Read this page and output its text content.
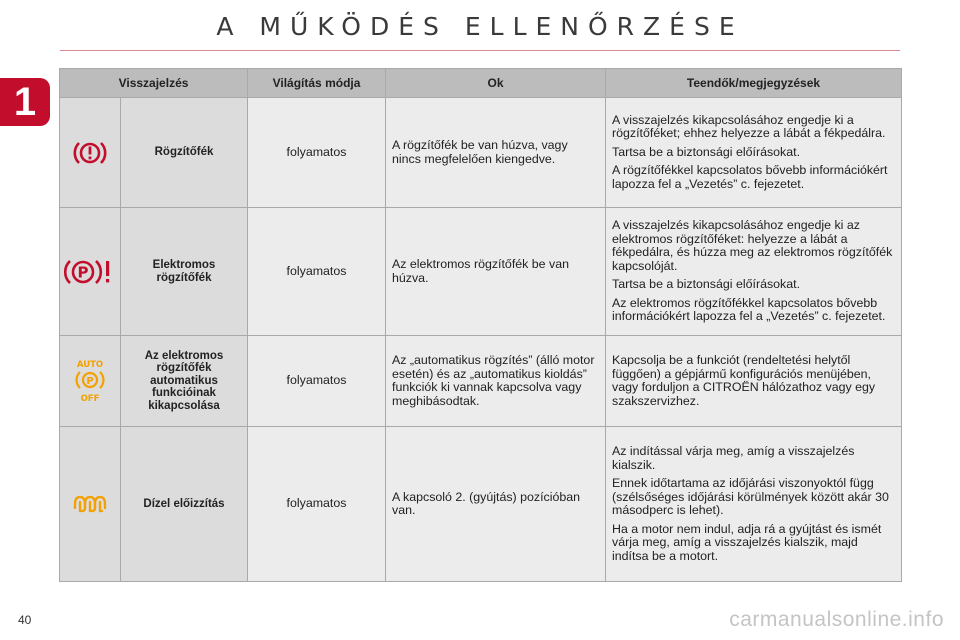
A MŰKÖDÉS ELLENŐRZÉSE
1	Visszajelzés		Világítás módja	Ok	Teendők/megjegyzések
	Rögzítőfék	folyamatos	A rögzítőfék be van húzva, vagy nincs megfelelően kiengedve.	A visszajelzés kikapcsolásához engedje ki a rögzítőféket; ehhez helyezze a lábát a fékpedálra.

Tartsa be a biztonsági előírásokat.

A rögzítőfékkel kapcsolatos bővebb információkért lapozza fel a „Vezetés” c. fejezetet.

P	Elektromos rögzítőfék	folyamatos	Az elektromos rögzítőfék be van húzva.	A visszajelzés kikapcsolásához engedje ki az elektromos rögzítőféket: helyezze a lábát a fékpedálra, és húzza meg az elektromos rögzítőfék kapcsolóját.

Tartsa be a biztonsági előírásokat.

Az elektromos rögzítőfékkel kapcsolatos bővebb információkért lapozza fel a „Vezetés” c. fejezetet.

AUTO
P
OFF	Az elektromos rögzítőfék automatikus funkcióinak kikapcsolása	folyamatos	Az „automatikus rögzítés” (álló motor esetén) és az „automatikus kioldás” funkciók ki vannak kapcsolva vagy meghibásodtak.	Kapcsolja be a funkciót (rendeltetési helytől függően) a gépjármű konfigurációs menüjében, vagy forduljon a CITROËN hálózathoz vagy egy szakszervizhez.

	Dízel előizzítás	folyamatos	A kapcsoló 2. (gyújtás) pozícióban van.	Az indítással várja meg, amíg a visszajelzés kialszik.

Ennek időtartama az időjárási viszonyoktól függ (szélsőséges időjárási körülmények között akár 30 másodperc is lehet).

Ha a motor nem indul, adja rá a gyújtást és ismét várja meg, amíg a visszajelzés kialszik, majd indítsa be a motort.

40	carmanualsonline.info
